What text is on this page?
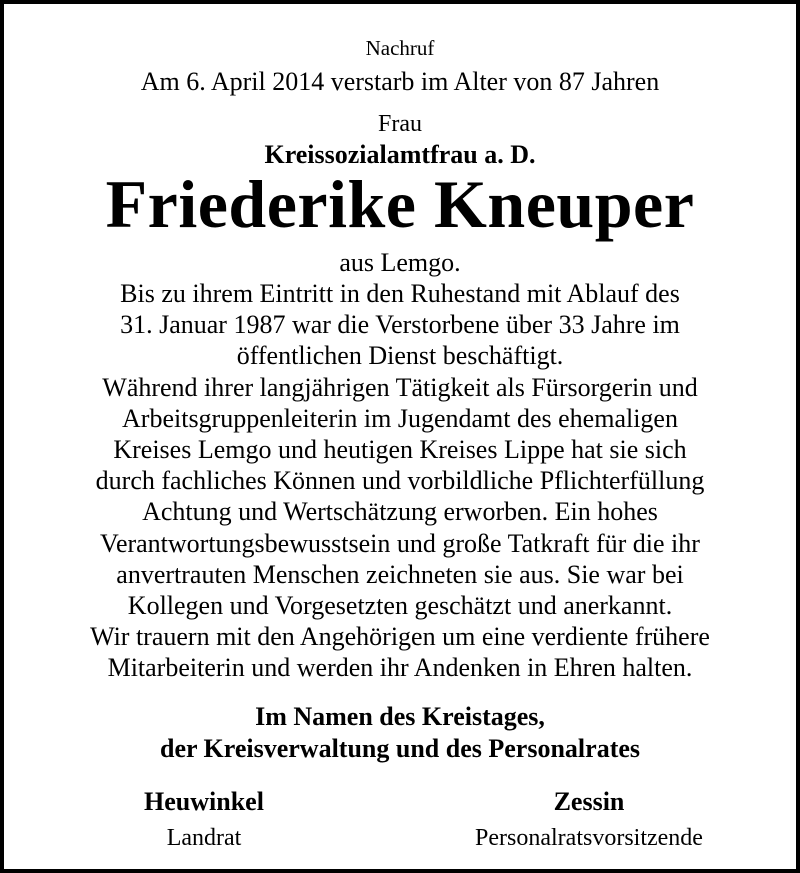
Nachruf
Am 6. April 2014 verstarb im Alter von 87 Jahren
Frau
Kreissozialamtfrau a. D.
Friederike Kneuper
aus Lemgo.
Bis zu ihrem Eintritt in den Ruhestand mit Ablauf des
31. Januar 1987 war die Verstorbene über 33 Jahre im
öffentlichen Dienst beschäftigt.
Während ihrer langjährigen Tätigkeit als Fürsorgerin und
Arbeitsgruppenleiterin im Jugendamt des ehemaligen
Kreises Lemgo und heutigen Kreises Lippe hat sie sich
durch fachliches Können und vorbildliche Pflichterfüllung
Achtung und Wertschätzung erworben. Ein hohes
Verantwortungsbewusstsein und große Tatkraft für die ihr
anvertrauten Menschen zeichneten sie aus. Sie war bei
Kollegen und Vorgesetzten geschätzt und anerkannt.
Wir trauern mit den Angehörigen um eine verdiente frühere
Mitarbeiterin und werden ihr Andenken in Ehren halten.
Im Namen des Kreistages,
der Kreisverwaltung und des Personalrates
Heuwinkel
Landrat
Zessin
Personalratsvorsitzende
